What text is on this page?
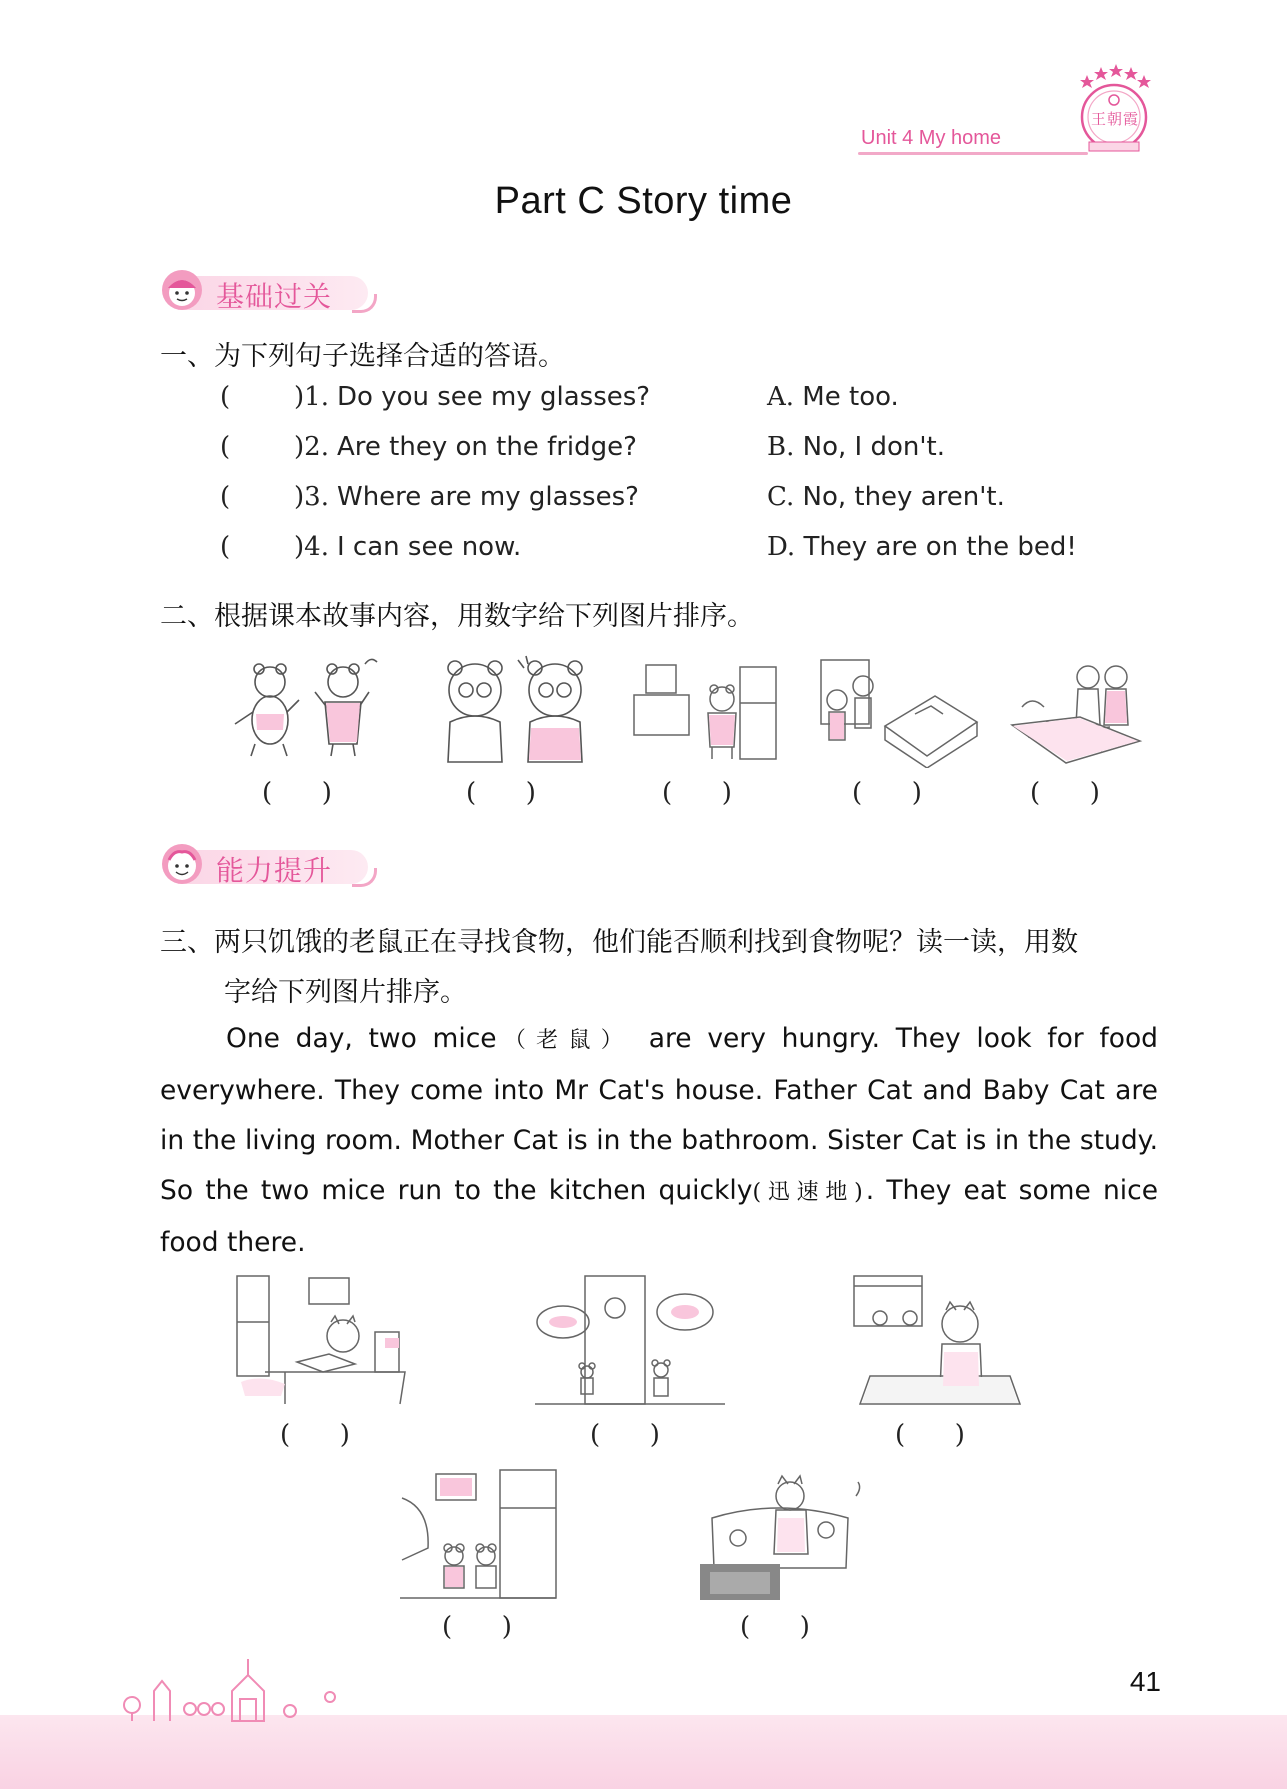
Unit 4 My home
王朝霞
Part C Story time
基础过关
一、为下列句子选择合适的答语。
( )1. Do you see my glasses?	A. Me too.
( )2. Are they on the fridge?	B. No, I don't.
( )3. Where are my glasses?	C. No, they aren't.
( )4. I can see now.	D. They are on the bed!
二、根据课本故事内容，用数字给下列图片排序。
(      )	(      )	(      )	(      )	(      )
能力提升
三、两只饥饿的老鼠正在寻找食物，他们能否顺利找到食物呢？读一读，用数
字给下列图片排序。

One day, two mice（老鼠） are very hungry. They look for food everywhere. They come into Mr Cat's house. Father Cat and Baby Cat are in the living room. Mother Cat is in the bathroom. Sister Cat is in the study. So the two mice run to the kitchen quickly(迅速地). They eat some nice food there.

(      )	(      )	(      )
(      )	(      )
41
